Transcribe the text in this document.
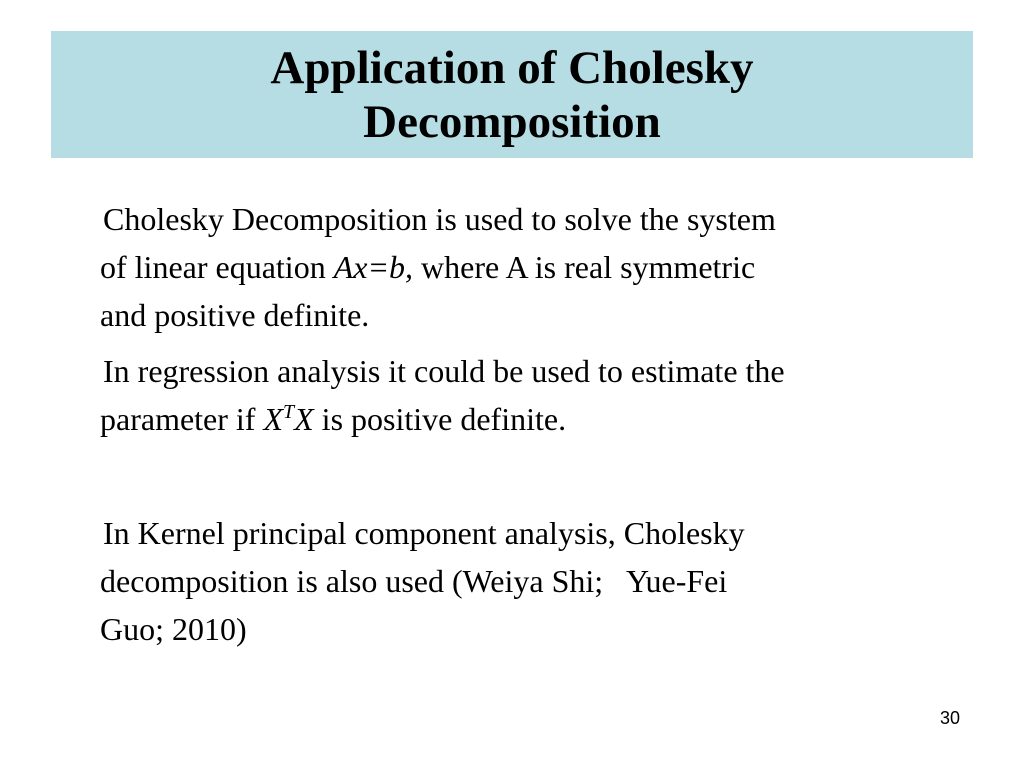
Application of Cholesky
Decomposition
Cholesky Decomposition is used to solve the system
of linear equation Ax=b, where A is real symmetric
and positive definite.
In regression analysis it could be used to estimate the
parameter if $X^TX$ is positive definite.
In Kernel principal component analysis, Cholesky
decomposition is also used (Weiya Shi;   Yue-Fei
Guo; 2010)
30
